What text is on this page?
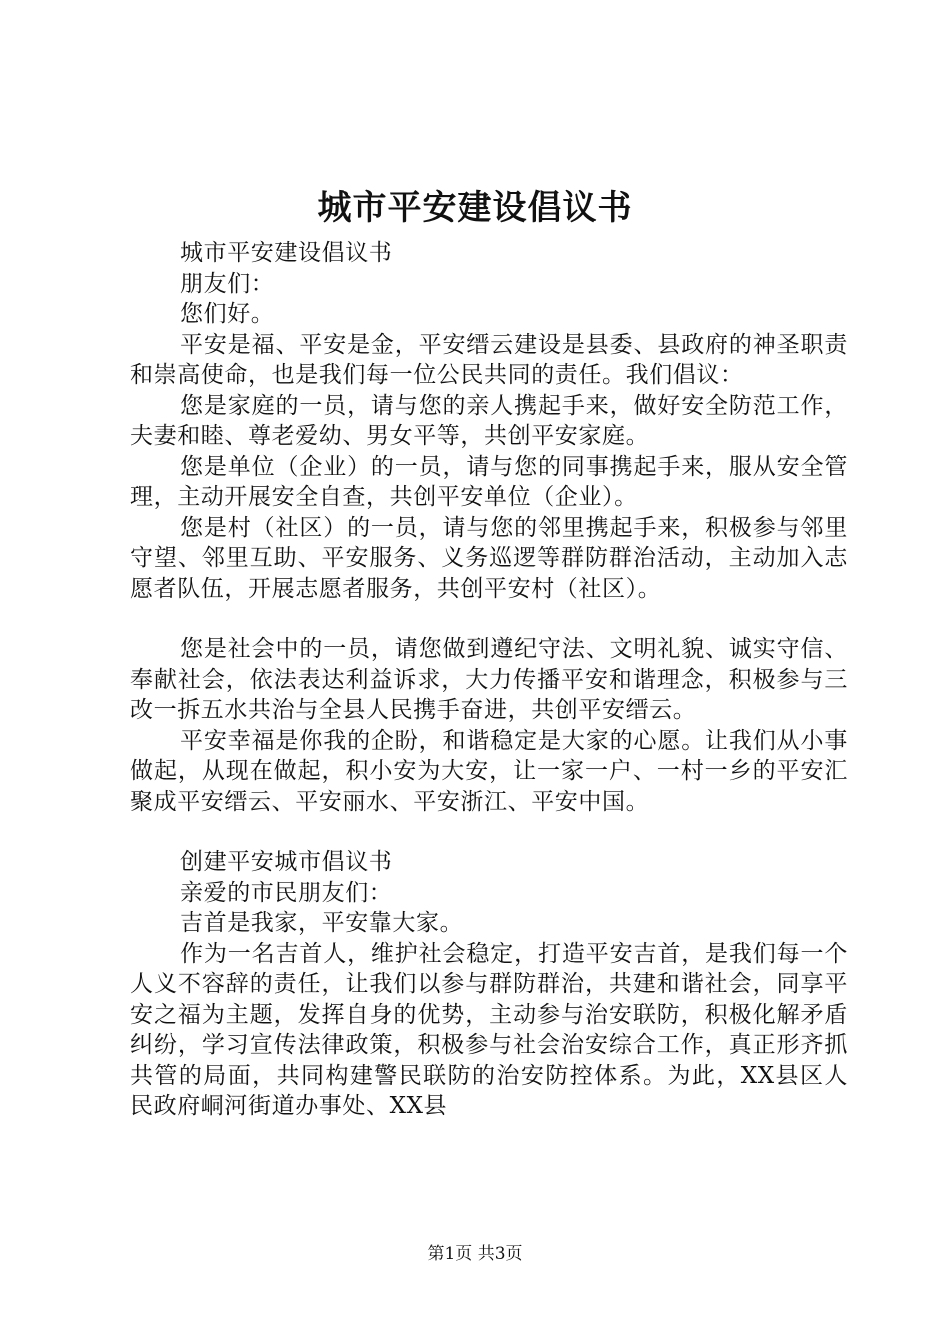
城市平安建设倡议书

城市平安建设倡议书

朋友们：

您们好。

平安是福、平安是金，平安缙云建设是县委、县政府的神圣职责和崇高使命，也是我们每一位公民共同的责任。我们倡议：

您是家庭的一员，请与您的亲人携起手来，做好安全防范工作，夫妻和睦、尊老爱幼、男女平等，共创平安家庭。

您是单位（企业）的一员，请与您的同事携起手来，服从安全管理，主动开展安全自查，共创平安单位（企业）。

您是村（社区）的一员，请与您的邻里携起手来，积极参与邻里守望、邻里互助、平安服务、义务巡逻等群防群治活动，主动加入志愿者队伍，开展志愿者服务，共创平安村（社区）。

您是社会中的一员，请您做到遵纪守法、文明礼貌、诚实守信、奉献社会，依法表达利益诉求，大力传播平安和谐理念，积极参与三改一拆五水共治与全县人民携手奋进，共创平安缙云。

平安幸福是你我的企盼，和谐稳定是大家的心愿。让我们从小事做起，从现在做起，积小安为大安，让一家一户、一村一乡的平安汇聚成平安缙云、平安丽水、平安浙江、平安中国。

创建平安城市倡议书

亲爱的市民朋友们：

吉首是我家，平安靠大家。

作为一名吉首人，维护社会稳定，打造平安吉首，是我们每一个人义不容辞的责任，让我们以参与群防群治，共建和谐社会，同享平安之福为主题，发挥自身的优势，主动参与治安联防，积极化解矛盾纠纷，学习宣传法律政策，积极参与社会治安综合工作，真正形齐抓共管的局面，共同构建警民联防的治安防控体系。为此，XX县区人民政府峒河街道办事处、XX县

第1页 共3页
